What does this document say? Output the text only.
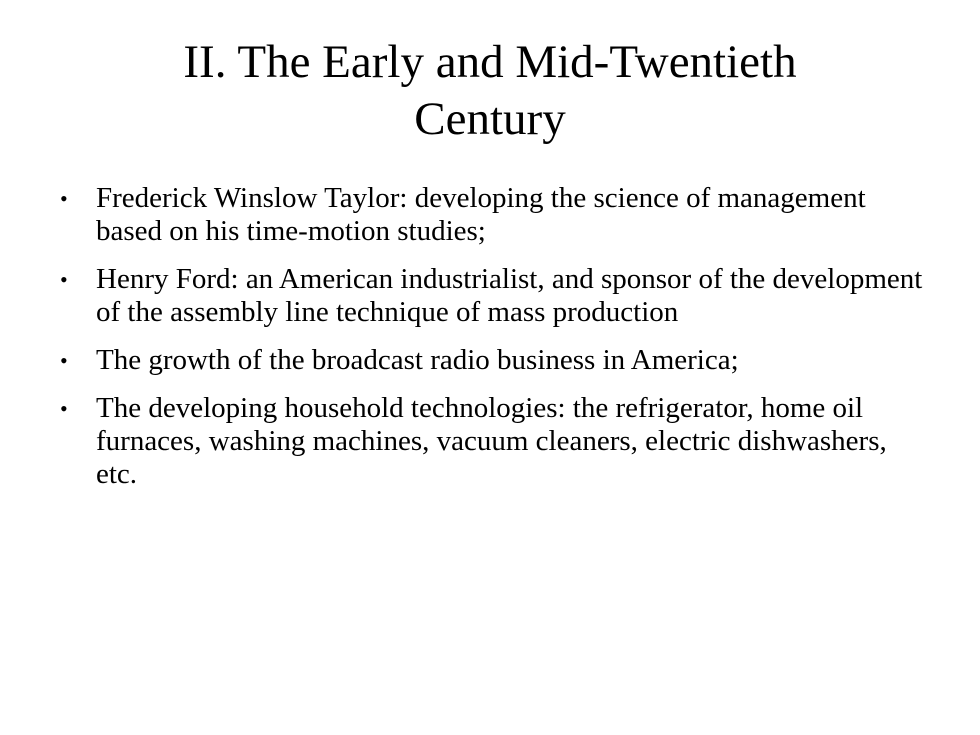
II. The Early and Mid-Twentieth
Century
• Frederick Winslow Taylor: developing the science of management based on his time-motion studies;
• Henry Ford: an American industrialist, and sponsor of the development of the assembly line technique of mass production
• The growth of the broadcast radio business in America;
• The developing household technologies: the refrigerator, home oil furnaces, washing machines, vacuum cleaners, electric dishwashers, etc.
